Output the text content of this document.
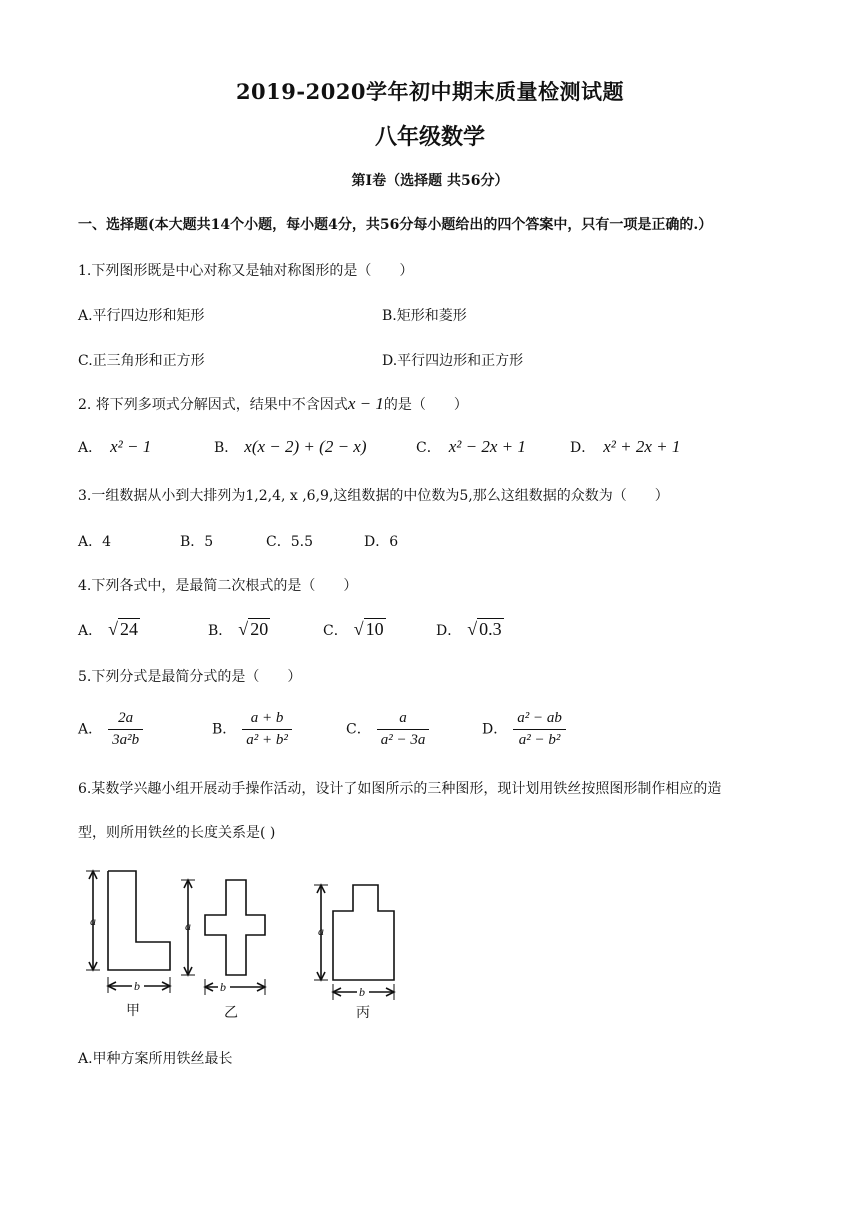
2019-2020学年初中期末质量检测试题
八年级数学
第Ⅰ卷（选择题 共56分）
一、选择题(本大题共14个小题，每小题4分，共56分每小题给出的四个答案中，只有一项是正确的.）
1.下列图形既是中心对称又是轴对称图形的是（　　）
A.平行四边形和矩形	B.矩形和菱形
C.正三角形和正方形	D.平行四边形和正方形
2. 将下列多项式分解因式，结果中不含因式x − 1的是（　　）
A． x² − 1	B． x(x − 2) + (2 − x)	C． x² − 2x + 1	D． x² + 2x + 1
3.一组数据从小到大排列为1,2,4, x ,6,9,这组数据的中位数为5,那么这组数据的众数为（　　）
A．4	B．5	C．5.5	D．6
4.下列各式中，是最简二次根式的是（　　）
A． √ 24	B． √ 20	C． √ 10	D． √ 0.3
5.下列分式是最简分式的是（　　）
A． $\frac{2a}{\text{3a²b}}$	B． $\frac{a + b}{\text{a² + b²}}$	C． $\frac{a}{\text{a² − 3a}}$	D． $\frac{\text{a² − ab}}{\text{a² − b²}}$
6.某数学兴趣小组开展动手操作活动，设计了如图所示的三种图形，现计划用铁丝按照图形制作相应的造
型，则所用铁丝的长度关系是( )
a
b
甲
a
b
乙
a
b
丙
A.甲种方案所用铁丝最长
